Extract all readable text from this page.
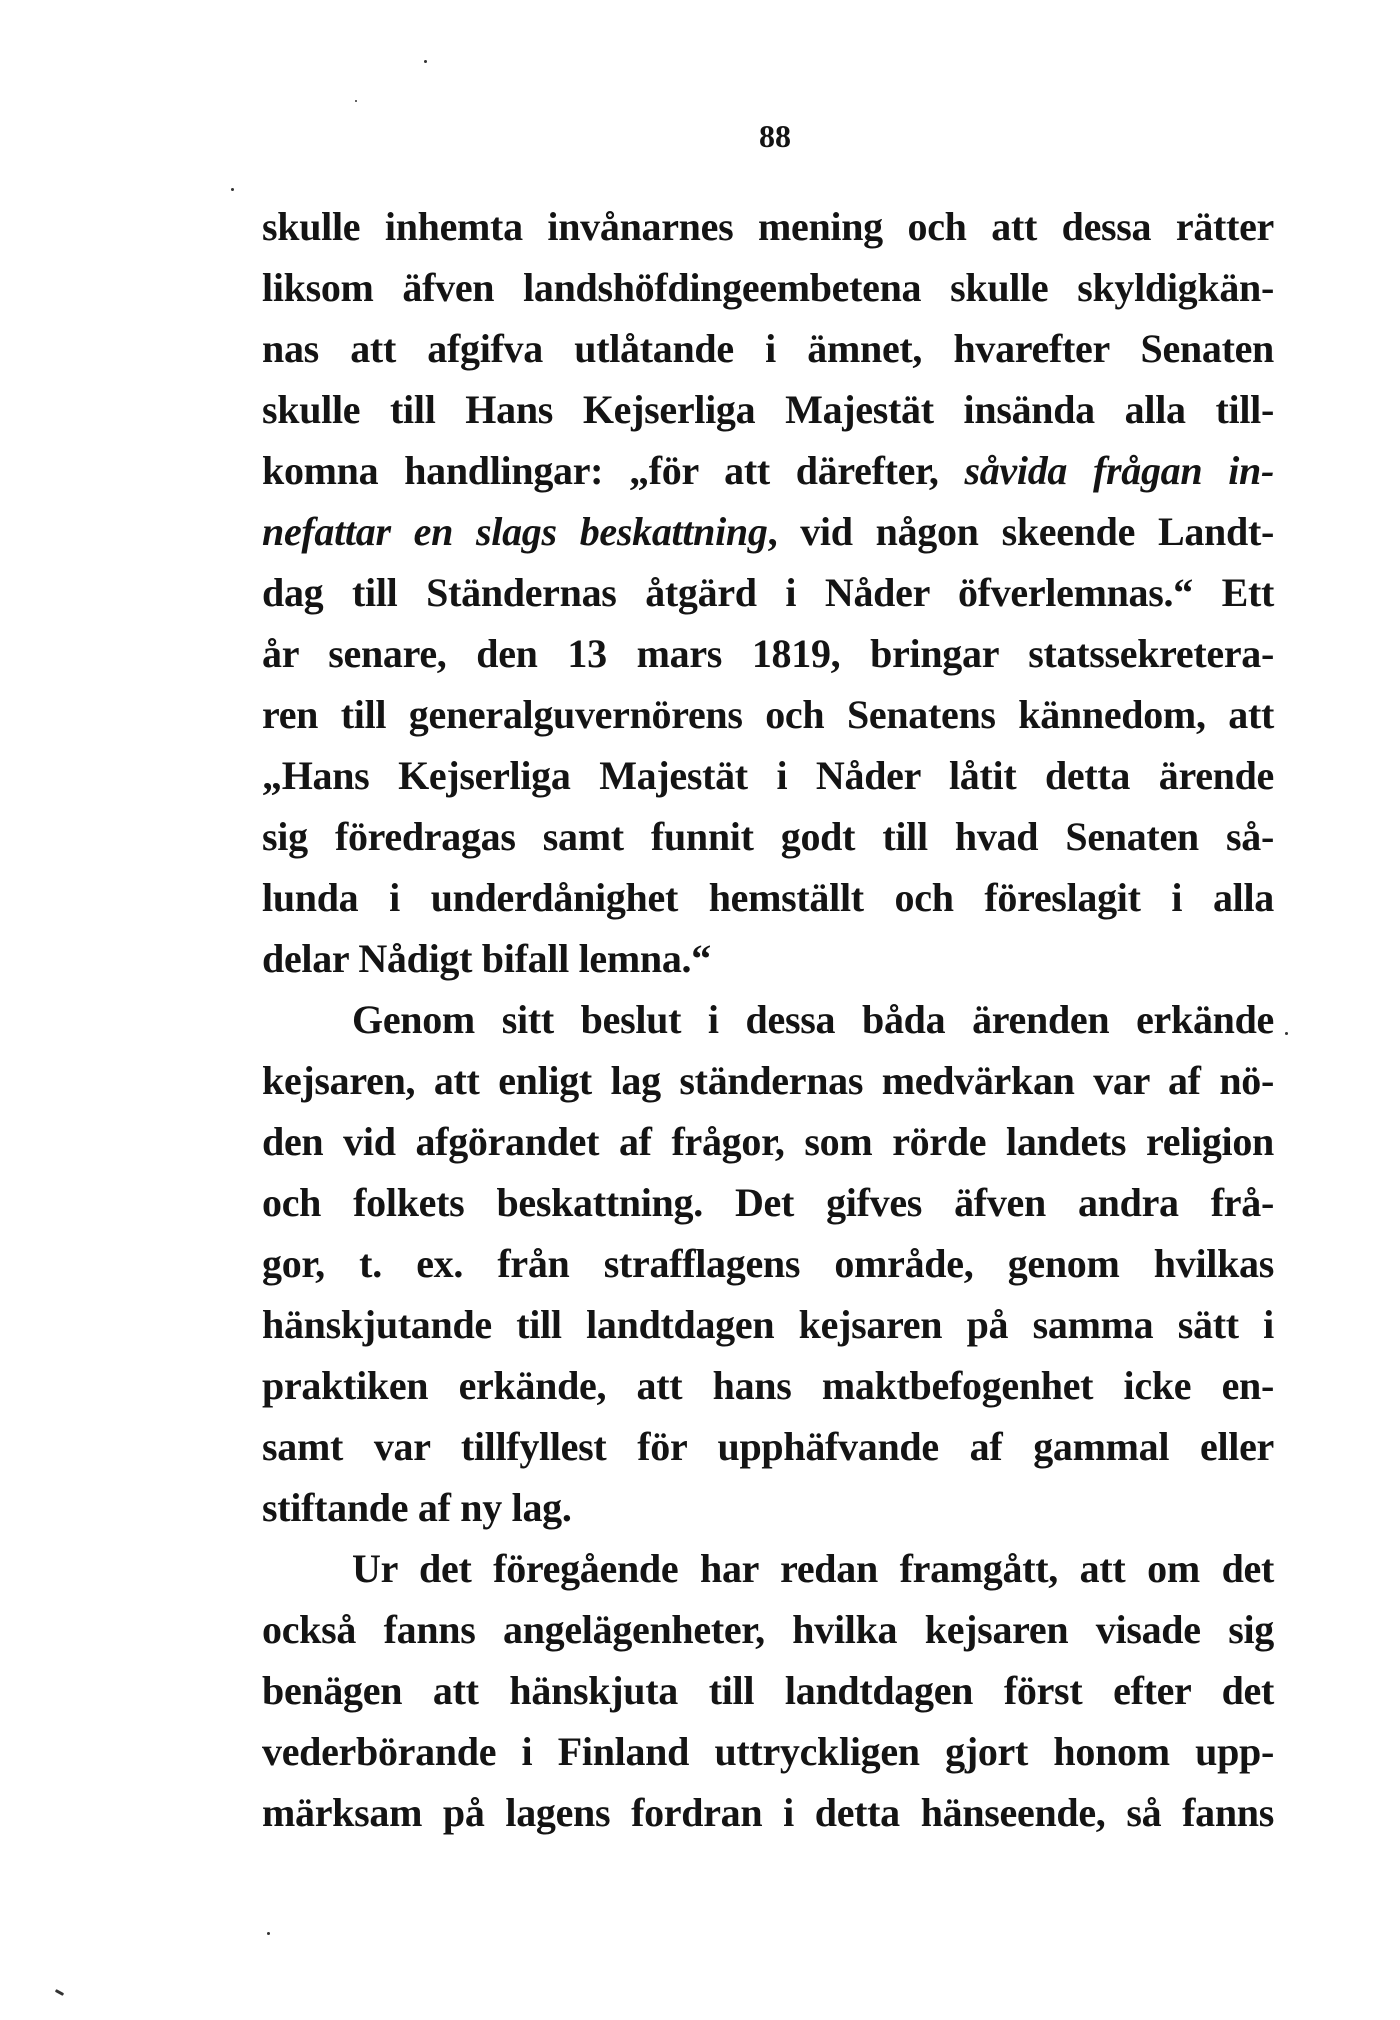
88
skulle inhemta invånarnes mening och att dessa rätter
liksom äfven landshöfdingeembetena skulle skyldigkän-
nas att afgifva utlåtande i ämnet, hvarefter Senaten
skulle till Hans Kejserliga Majestät insända alla till-
komna handlingar: „för att därefter, såvida frågan in-
nefattar en slags beskattning, vid någon skeende Landt-
dag till Ständernas åtgärd i Nåder öfverlemnas.“ Ett
år senare, den 13 mars 1819, bringar statssekretera-
ren till generalguvernörens och Senatens kännedom, att
„Hans Kejserliga Majestät i Nåder låtit detta ärende
sig föredragas samt funnit godt till hvad Senaten så-
lunda i underdånighet hemställt och föreslagit i alla
delar Nådigt bifall lemna.“
Genom sitt beslut i dessa båda ärenden erkände
kejsaren, att enligt lag ständernas medvärkan var af nö-
den vid afgörandet af frågor, som rörde landets religion
och folkets beskattning. Det gifves äfven andra frå-
gor, t. ex. från strafflagens område, genom hvilkas
hänskjutande till landtdagen kejsaren på samma sätt i
praktiken erkände, att hans maktbefogenhet icke en-
samt var tillfyllest för upphäfvande af gammal eller
stiftande af ny lag.
Ur det föregående har redan framgått, att om det
också fanns angelägenheter, hvilka kejsaren visade sig
benägen att hänskjuta till landtdagen först efter det
vederbörande i Finland uttryckligen gjort honom upp-
märksam på lagens fordran i detta hänseende, så fanns
